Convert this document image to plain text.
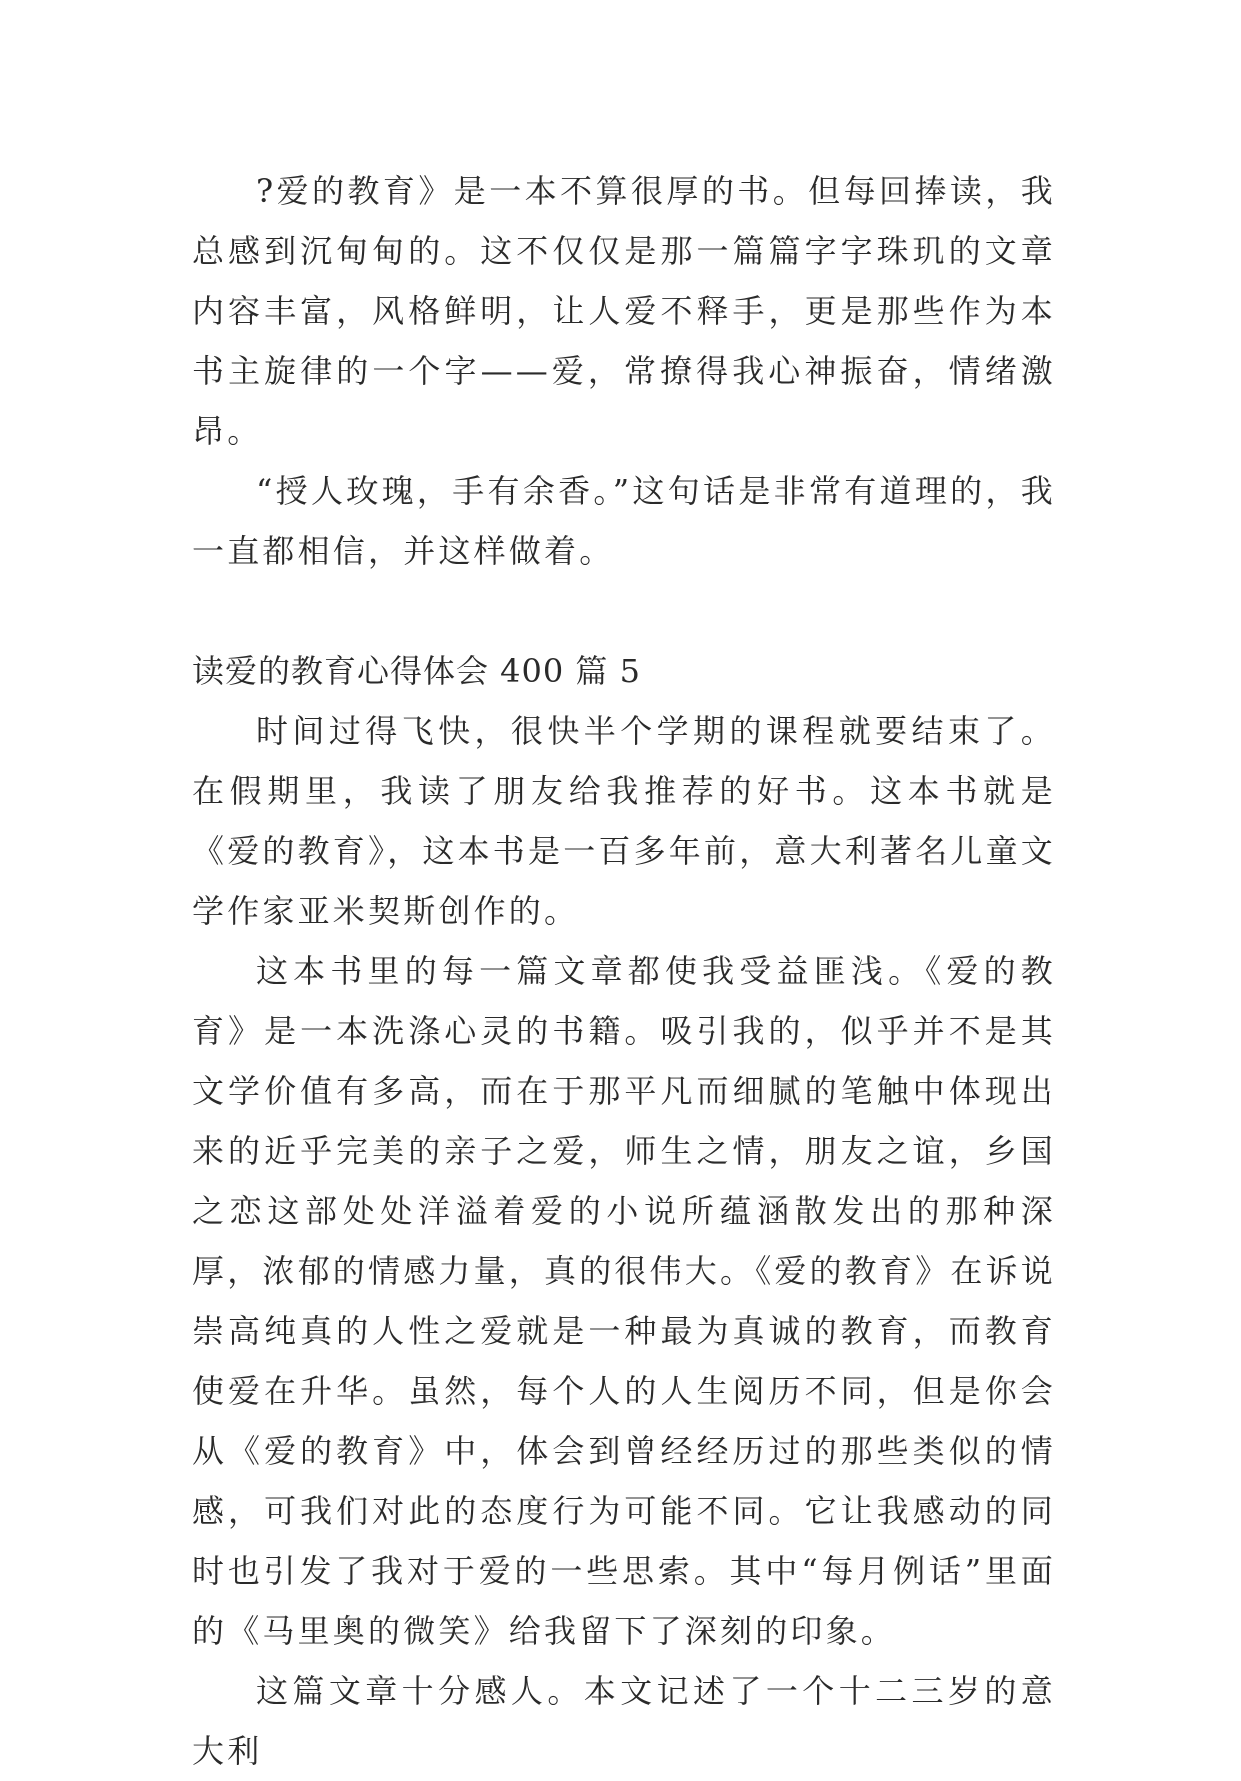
?爱的教育》是一本不算很厚的书。但每回捧读，我总感到沉甸甸的。这不仅仅是那一篇篇字字珠玑的文章内容丰富，风格鲜明，让人爱不释手，更是那些作为本书主旋律的一个字——爱，常撩得我心神振奋，情绪激昂。

“授人玫瑰，手有余香。”这句话是非常有道理的，我一直都相信，并这样做着。

读爱的教育心得体会 400 篇 5

时间过得飞快，很快半个学期的课程就要结束了。在假期里，我读了朋友给我推荐的好书。这本书就是《爱的教育》，这本书是一百多年前，意大利著名儿童文学作家亚米契斯创作的。

这本书里的每一篇文章都使我受益匪浅。《爱的教育》是一本洗涤心灵的书籍。吸引我的，似乎并不是其文学价值有多高，而在于那平凡而细腻的笔触中体现出来的近乎完美的亲子之爱，师生之情，朋友之谊，乡国之恋这部处处洋溢着爱的小说所蕴涵散发出的那种深厚，浓郁的情感力量，真的很伟大。《爱的教育》在诉说崇高纯真的人性之爱就是一种最为真诚的教育，而教育使爱在升华。虽然，每个人的人生阅历不同，但是你会从《爱的教育》中，体会到曾经经历过的那些类似的情感，可我们对此的态度行为可能不同。它让我感动的同时也引发了我对于爱的一些思索。其中“每月例话”里面的《马里奥的微笑》给我留下了深刻的印象。

这篇文章十分感人。本文记述了一个十二三岁的意大利
